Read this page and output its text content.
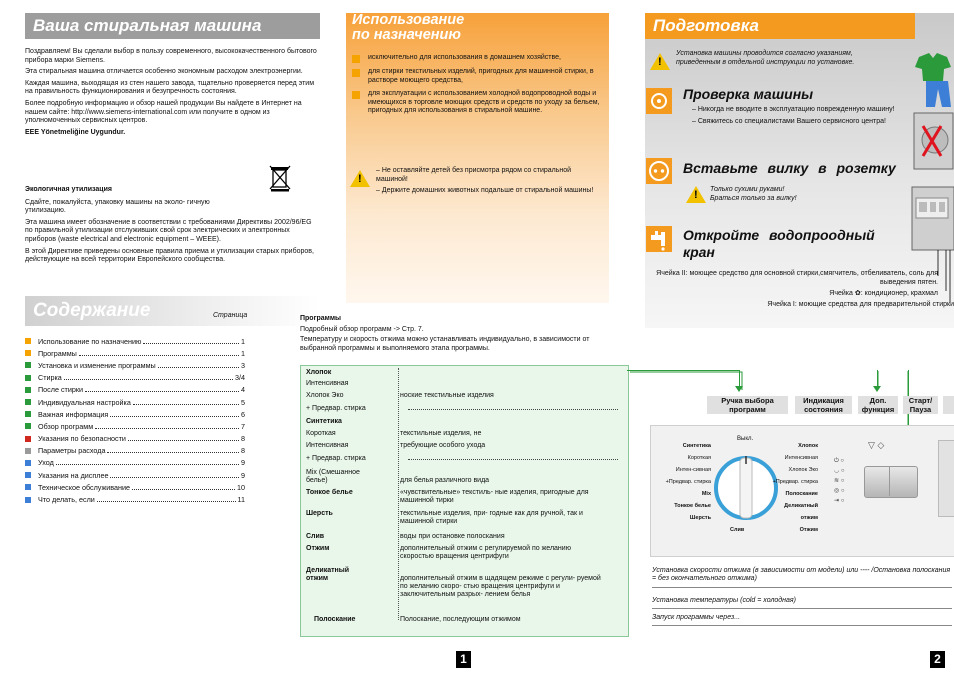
Ваша стиральная машина

Поздравляем! Вы сделали выбор в пользу современного, высококачественного бытового прибора марки Siemens.

Эта стиральная машина отличается особенно экономным расходом электроэнергии.

Каждая машина, выходящая из стен нашего завода, тщательно проверяется перед этим на правильность функционирования и безупречность состояния.

Более подробную информацию и обзор нашей продукции Вы найдете в Интернет на нашем сайте: http://www.siemens-international.com или получите в одном из уполномоченных сервисных центров.

EEE Yönetmeliğine Uygundur.

Экологичная утилизация

Сдайте, пожалуйста, упаковку машины на эколо- гичную утилизацию.

Эта машина имеет обозначение в соответствии с требованиями Директивы 2002/96/EG по правильной утилизации отслуживших свой срок электрических и электронных приборов (waste electrical and electronic equipment – WEEE).

В этой Директиве приведены основные правила приема и утилизации старых приборов, действующие на всей территории Европейского сообщества.

Содержание	Страница
Использование по назначению	1
Программы	1
Установка и изменение программы	3
Стирка	3/4
После стирки	4
Индивидуальная настройка	5
Важная информация	6
Обзор программ	7
Указания по безопасности	8
Параметры расхода	8
Уход	9
Указания на дисплее	9
Техническое обслуживание	10
Что делать, если	11
1
Использование
по назначению
исключительно для использования в домашнем хозяйстве,
для стирки текстильных изделий, пригодных для машинной стирки, в растворе моющего средства,
для эксплуатации с использованием холодной водопроводной воды и имеющихся в торговле моющих средств и средств по уходу за бельем, пригодных для использования в стиральной машине.
!

– Не оставляйте детей без присмотра рядом со стиральной машиной!

– Держите домашних животных подальше от стиральной машины!

Программы

Подробный обзор программ -> Стр. 7.

Температуру и скорость отжима можно устанавливать индивидуально, в зависимости от выбранной программы и выполняемого этапа программы.

Хлопок
Интенсивная
Хлопок Эко	ноские текстильные изделия
+ Предвар. стирка
Синтетика
Короткая	текстильные изделия, не
Интенсивная	требующие особого ухода
+ Предвар. стирка
Mix (Смешанное белье)	для белья различного вида
Тонкое белье	«чувствительные» текстиль- ные изделия, пригодные для машинной тирки
Шерсть	текстильные изделия, при- годные как для ручной, так и машинной стирки
Слив	воды при остановке полоскания
Отжим	дополнительный отжим с регулируемой по желанию скоростью вращения центрифуги
Деликатный отжим	дополнительный отжим в щадящем режиме с регули- руемой по желанию скоро- стью вращения центрифуги и заключительным разрых- лением белья
Полоскание	Полоскание, последующим отжимом
Подготовка
!
Установка машины проводится согласно указаниям, приведенным в отдельной инструкции по установке.
Проверка машины

– Никогда не вводите в эксплуатацию поврежденную машину!

– Свяжитесь со специалистами Вашего сервисного центра!

Вставьте вилку в розетку
!
Только сухими руками! Браться только за вилку!
Откройте водопроодный
кран
Ячейка II: моющее средство для основной стирки,смягчитель, отбеливатель, соль для выведения пятен.
Ячейка ✿: кондиционер, крахмал
Ячейка I: моющие средства для предварительной стирки
Ручка выбора программ
Индикация состояния
Доп. функция
Старт/ Пауза
Выкл.
Синтетика
Короткая
Интен-сивная
+Предвар. стирка
Mix
Тонкое белье
Шерсть
Хлопок
Интенсивная
Хлопок Эко
+Предвар. стирка
Полоскание
Деликатный отжим
Отжим
Слив
⏻ ○
◡ ○
≋ ○
◎ ○
⇥ ○
▽ ◇
Установка скорости отжима (в зависимости от модели) или ---- /Остановка полоскания = без окончательного отжима)
Установка температуры (cold = холодная)
Запуск программы через...
2
